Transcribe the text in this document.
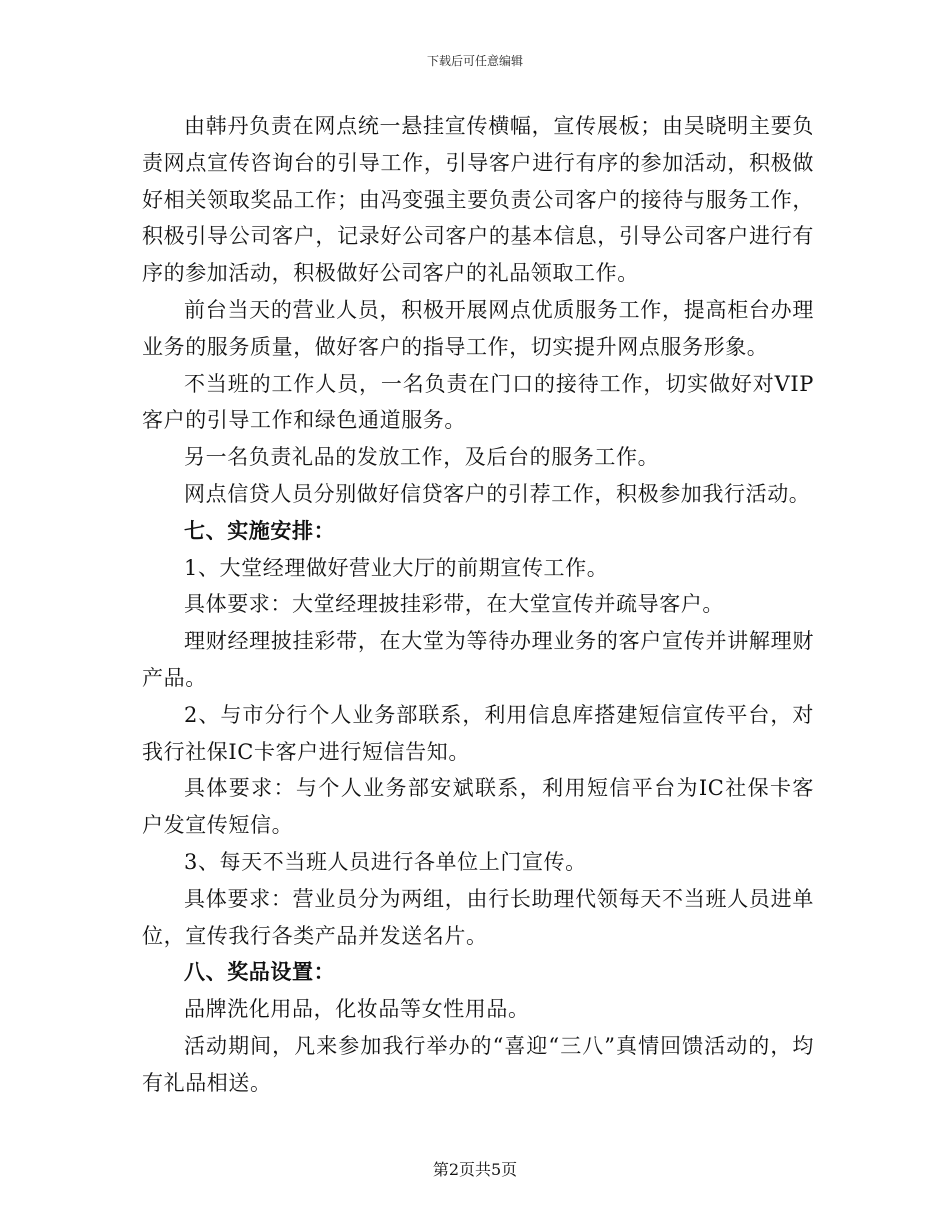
下载后可任意编辑

由韩丹负责在网点统一悬挂宣传横幅，宣传展板；由吴晓明主要负责网点宣传咨询台的引导工作，引导客户进行有序的参加活动，积极做好相关领取奖品工作；由冯变强主要负责公司客户的接待与服务工作，积极引导公司客户，记录好公司客户的基本信息，引导公司客户进行有序的参加活动，积极做好公司客户的礼品领取工作。

前台当天的营业人员，积极开展网点优质服务工作，提高柜台办理业务的服务质量，做好客户的指导工作，切实提升网点服务形象。

不当班的工作人员，一名负责在门口的接待工作，切实做好对VIP客户的引导工作和绿色通道服务。

另一名负责礼品的发放工作，及后台的服务工作。

网点信贷人员分别做好信贷客户的引荐工作，积极参加我行活动。

七、实施安排：

1、大堂经理做好营业大厅的前期宣传工作。

具体要求：大堂经理披挂彩带，在大堂宣传并疏导客户。

理财经理披挂彩带，在大堂为等待办理业务的客户宣传并讲解理财产品。

2、与市分行个人业务部联系，利用信息库搭建短信宣传平台，对我行社保IC卡客户进行短信告知。

具体要求：与个人业务部安斌联系，利用短信平台为IC社保卡客户发宣传短信。

3、每天不当班人员进行各单位上门宣传。

具体要求：营业员分为两组，由行长助理代领每天不当班人员进单位，宣传我行各类产品并发送名片。

八、奖品设置：

品牌洗化用品，化妆品等女性用品。

活动期间，凡来参加我行举办的“喜迎“三八”真情回馈活动的，均有礼品相送。

第2页共5页
